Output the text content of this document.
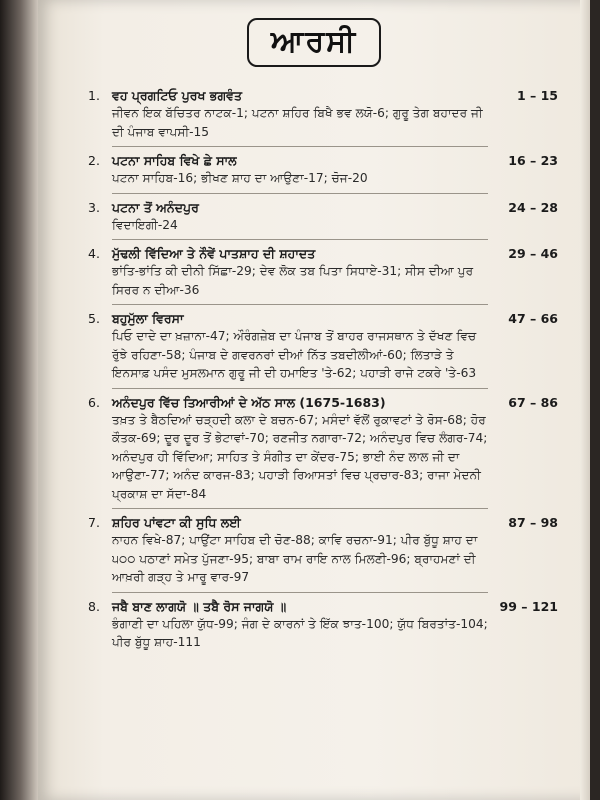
ਆਰਸੀ
1. ਵਹ ਪ੍ਰਗਟਿਓ ਪੁਰਖ ਭਗਵੰਤ	1 – 15
ਜੀਵਨ ਇਕ ਬੱਚਿਤਰ ਨਾਟਕ-1; ਪਟਨਾ ਸ਼ਹਿਰ ਬਿਖੈ ਭਵ ਲਯੋ-6; ਗੁਰੂ ਤੇਗ ਬਹਾਦਰ ਜੀ ਦੀ ਪੰਜਾਬ ਵਾਪਸੀ-15
2. ਪਟਨਾ ਸਾਹਿਬ ਵਿਖੇ ਛੇ ਸਾਲ	16 – 23
ਪਟਨਾ ਸਾਹਿਬ-16; ਭੀਖਣ ਸ਼ਾਹ ਦਾ ਆਉਣਾ-17; ਚੋਜ-20
3. ਪਟਨਾ ਤੋਂ ਅਨੰਦਪੁਰ	24 – 28
ਵਿਦਾਇਗੀ-24
4. ਮੁੱਢਲੀ ਵਿੱਦਿਆ ਤੇ ਨੌਵੇਂ ਪਾਤਸ਼ਾਹ ਦੀ ਸ਼ਹਾਦਤ	29 – 46
ਭਾਂਤਿ-ਭਾਂਤਿ ਕੀ ਦੀਨੀ ਸਿੱਛਾ-29; ਦੇਵ ਲੋਕ ਤਬ ਪਿਤਾ ਸਿਧਾਏ-31; ਸੀਸ ਦੀਆ ਪੁਰ ਸਿਰਰ ਨ ਦੀਆ-36
5. ਬਹੁਮੁੱਲਾ ਵਿਰਸਾ	47 – 66
ਪਿਓ ਦਾਦੇ ਦਾ ਖ਼ਜ਼ਾਨਾ-47; ਔਰੰਗਜ਼ੇਬ ਦਾ ਪੰਜਾਬ ਤੋਂ ਬਾਹਰ ਰਾਜਸਥਾਨ ਤੇ ਦੱਖਣ ਵਿਚ ਰੁੱਝੇ ਰਹਿਣਾ-58; ਪੰਜਾਬ ਦੇ ਗਵਰਨਰਾਂ ਦੀਆਂ ਨਿੱਤ ਤਬਦੀਲੀਆਂ-60; ਲਿਤਾੜੇ ਤੇ ਇਨਸਾਫ਼ ਪਸੰਦ ਮੁਸਲਮਾਨ ਗੁਰੂ ਜੀ ਦੀ ਹਮਾਇਤ 'ਤੇ-62; ਪਹਾੜੀ ਰਾਜੇ ਟਕਰੇ 'ਤੇ-63
6. ਅਨੰਦਪੁਰ ਵਿੱਚ ਤਿਆਰੀਆਂ ਦੇ ਅੱਠ ਸਾਲ (1675-1683)	67 – 86
ਤਖ਼ਤ ਤੇ ਬੈਠਦਿਆਂ ਚੜ੍ਹਦੀ ਕਲਾ ਦੇ ਬਚਨ-67; ਮਸੰਦਾਂ ਵੱਲੋਂ ਰੁਕਾਵਟਾਂ ਤੇ ਰੋਸ-68; ਹੋਰ ਕੌਤਕ-69; ਦੂਰ ਦੂਰ ਤੋਂ ਭੇਟਾਵਾਂ-70; ਰਣਜੀਤ ਨਗਾਰਾ-72; ਅਨੰਦਪੁਰ ਵਿਚ ਲੰਗਰ-74; ਅਨੰਦਪੁਰ ਹੀ ਵਿੱਦਿਆ; ਸਾਹਿਤ ਤੇ ਸੰਗੀਤ ਦਾ ਕੇਂਦਰ-75; ਭਾਈ ਨੰਦ ਲਾਲ ਜੀ ਦਾ ਆਉਣਾ-77; ਅਨੰਦ ਕਾਰਜ-83; ਪਹਾੜੀ ਰਿਆਸਤਾਂ ਵਿਚ ਪ੍ਰਚਾਰ-83; ਰਾਜਾ ਮੇਦਨੀ ਪ੍ਰਕਾਸ਼ ਦਾ ਸੱਦਾ-84
7. ਸ਼ਹਿਰ ਪਾਂਵਟਾ ਕੀ ਸੁਧਿ ਲਈ	87 – 98
ਨਾਹਨ ਵਿਖੇ-87; ਪਾਉਂਟਾ ਸਾਹਿਬ ਦੀ ਚੋਣ-88; ਕਾਵਿ ਰਚਨਾ-91; ਪੀਰ ਬੁੱਧੂ ਸ਼ਾਹ ਦਾ ੫੦੦ ਪਠਾਣਾਂ ਸਮੇਤ ਪੁੱਜਣਾ-95; ਬਾਬਾ ਰਾਮ ਰਾਇ ਨਾਲ ਮਿਲਣੀ-96; ਬ੍ਰਾਹਮਣਾਂ ਦੀ ਆਖ਼ਰੀ ਗੜ੍ਹ ਤੇ ਮਾਰੂ ਵਾਰ-97
8. ਜਬੈ ਬਾਣ ਲਾਗਯੋ ॥ ਤਬੈ ਰੋਸ ਜਾਗਯੋ ॥	99 – 121
ਭੰਗਾਣੀ ਦਾ ਪਹਿਲਾ ਯੁੱਧ-99; ਜੰਗ ਦੇ ਕਾਰਨਾਂ ਤੇ ਇੱਕ ਝਾਤ-100; ਯੁੱਧ ਬਿਰਤਾਂਤ-104; ਪੀਰ ਬੁੱਧੂ ਸ਼ਾਹ-111
